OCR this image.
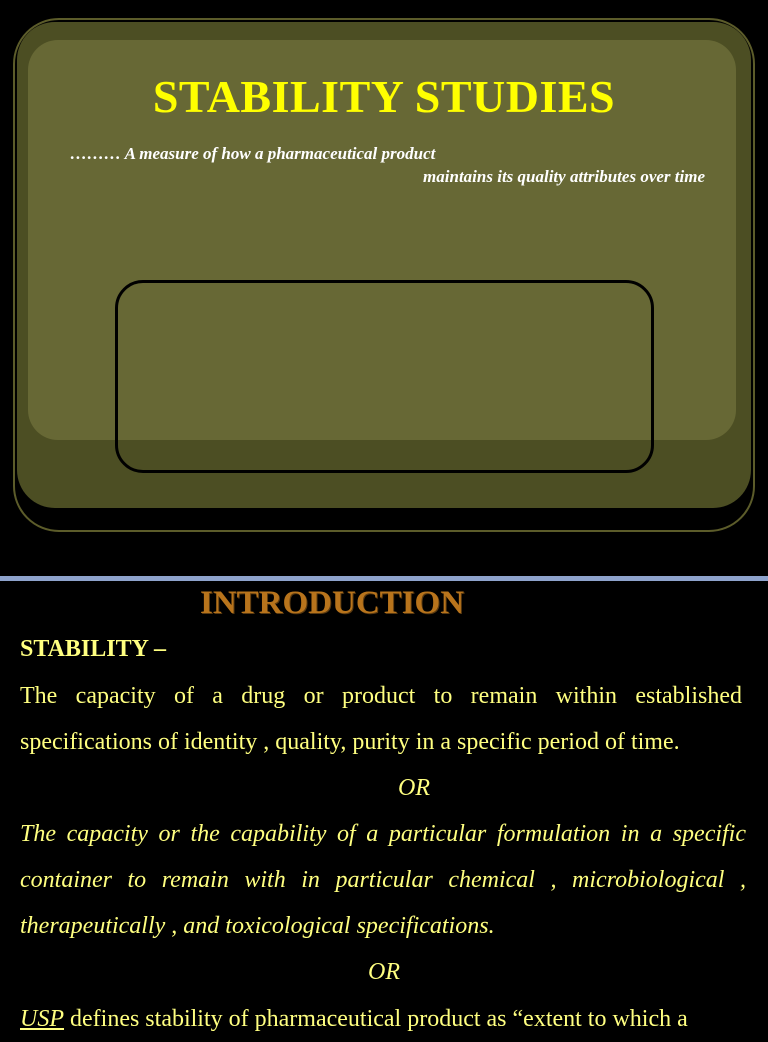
STABILITY STUDIES
……… A measure of how a pharmaceutical product
maintains its quality attributes over time
INTRODUCTION
STABILITY –
The capacity of a drug or product to remain within established specifications of identity , quality, purity in a specific period of time.
OR
The capacity or the capability of a particular formulation in a specific container to remain with in particular chemical , microbiological , therapeutically , and toxicological specifications.
OR
USP defines stability of pharmaceutical product as “extent to which a
